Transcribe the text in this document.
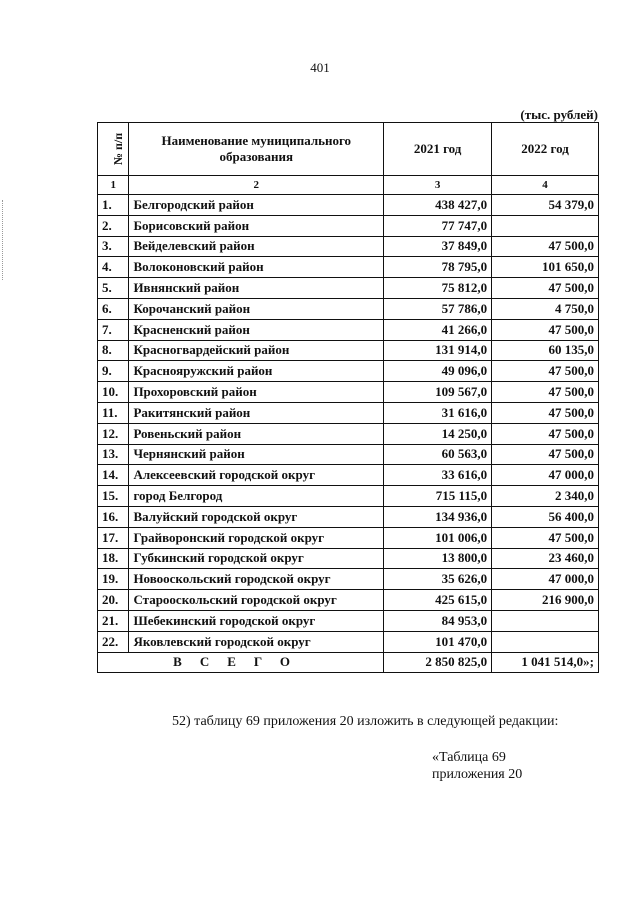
401
(тыс. рублей)
№ п/п	Наименование муниципального образования	2021 год	2022 год
1	2	3	4
1.	Белгородский район	438 427,0	54 379,0
2.	Борисовский район	77 747,0	
3.	Вейделевский район	37 849,0	47 500,0
4.	Волоконовский район	78 795,0	101 650,0
5.	Ивнянский район	75 812,0	47 500,0
6.	Корочанский район	57 786,0	4 750,0
7.	Красненский район	41 266,0	47 500,0
8.	Красногвардейский район	131 914,0	60 135,0
9.	Краснояружский район	49 096,0	47 500,0
10.	Прохоровский район	109 567,0	47 500,0
11.	Ракитянский район	31 616,0	47 500,0
12.	Ровеньский район	14 250,0	47 500,0
13.	Чернянский район	60 563,0	47 500,0
14.	Алексеевский городской округ	33 616,0	47 000,0
15.	город Белгород	715 115,0	2 340,0
16.	Валуйский городской округ	134 936,0	56 400,0
17.	Грайворонский городской округ	101 006,0	47 500,0
18.	Губкинский городской округ	13 800,0	23 460,0
19.	Новооскольский городской округ	35 626,0	47 000,0
20.	Старооскольский городской округ	425 615,0	216 900,0
21.	Шебекинский городской округ	84 953,0	
22.	Яковлевский городской округ	101 470,0	
ВСЕГО		2 850 825,0	1 041 514,0»;
52) таблицу 69 приложения 20 изложить в следующей редакции:
«Таблица 69
приложения 20
